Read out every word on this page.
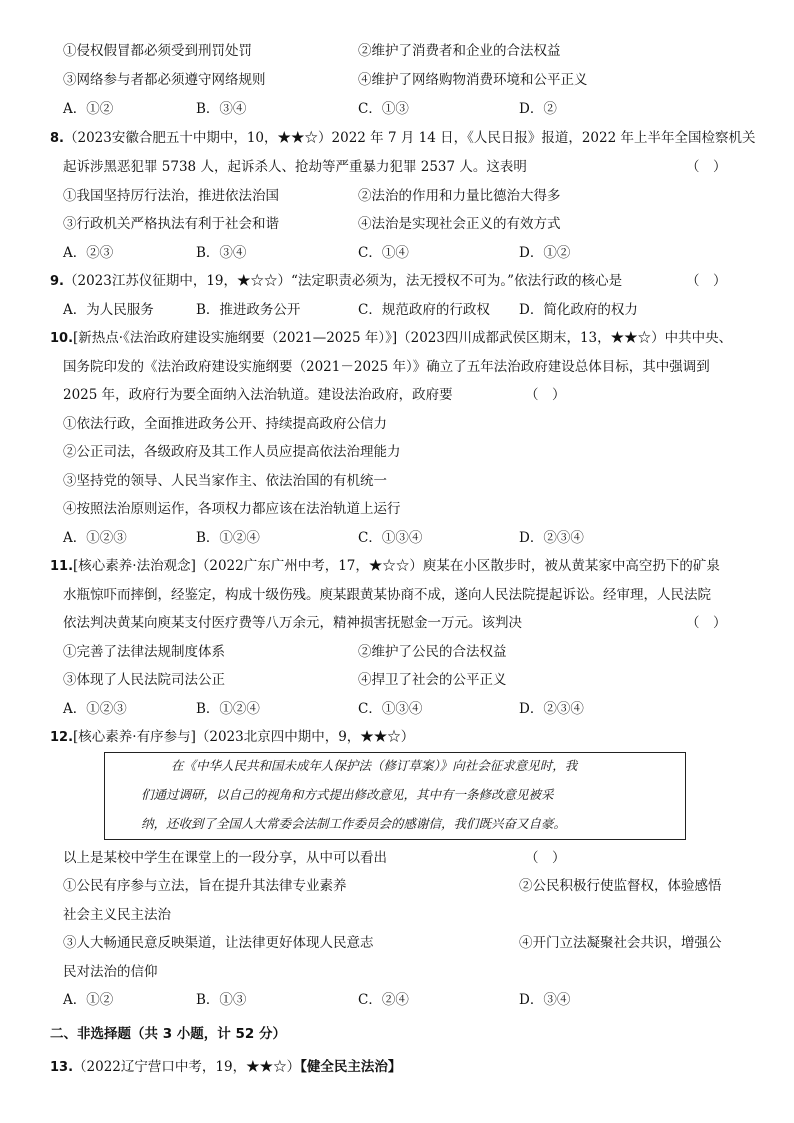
①侵权假冒都必须受到刑罚处罚	②维护了消费者和企业的合法权益
③网络参与者都必须遵守网络规则	④维护了网络购物消费环境和公平正义
A．①②	B．③④	C．①③	D．②
8.（2023安徽合肥五十中期中，10，★★☆）2022 年 7 月 14 日，《人民日报》报道，2022 年上半年全国检察机关
起诉涉黑恶犯罪 5738 人，起诉杀人、抢劫等严重暴力犯罪 2537 人。这表明	（　）
①我国坚持厉行法治，推进依法治国	②法治的作用和力量比德治大得多
③行政机关严格执法有利于社会和谐	④法治是实现社会正义的有效方式
A．②③	B．③④	C．①④	D．①②
9.（2023江苏仪征期中，19，★☆☆）“法定职责必须为，法无授权不可为。”依法行政的核心是	（　）
A．为人民服务	B．推进政务公开	C．规范政府的行政权 D．简化政府的权力
10.[新热点·《法治政府建设实施纲要（2021—2025 年）》]（2023四川成都武侯区期末，13，★★☆）中共中央、
国务院印发的《法治政府建设实施纲要（2021－2025 年）》确立了五年法治政府建设总体目标，其中强调到
2025 年，政府行为要全面纳入法治轨道。建设法治政府，政府要	（　）
①依法行政，全面推进政务公开、持续提高政府公信力
②公正司法，各级政府及其工作人员应提高依法治理能力
③坚持党的领导、人民当家作主、依法治国的有机统一
④按照法治原则运作，各项权力都应该在法治轨道上运行
A．①②③	B．①②④	C．①③④	D．②③④
11.[核心素养·法治观念]（2022广东广州中考，17，★☆☆）庾某在小区散步时，被从黄某家中高空扔下的矿泉
水瓶惊吓而摔倒，经鉴定，构成十级伤残。庾某跟黄某协商不成，遂向人民法院提起诉讼。经审理，人民法院
依法判决黄某向庾某支付医疗费等八万余元，精神损害抚慰金一万元。该判决	（　）
①完善了法律法规制度体系	②维护了公民的合法权益
③体现了人民法院司法公正	④捍卫了社会的公平正义
A．①②③	B．①②④	C．①③④	D．②③④
12.[核心素养·有序参与]（2023北京四中期中，9，★★☆）
在《中华人民共和国未成年人保护法（修订草案）》向社会征求意见时，我
们通过调研，以自己的视角和方式提出修改意见，其中有一条修改意见被采
纳，还收到了全国人大常委会法制工作委员会的感谢信，我们既兴奋又自豪。
以上是某校中学生在课堂上的一段分享，从中可以看出	（　）
①公民有序参与立法，旨在提升其法律专业素养	②公民积极行使监督权，体验感悟
社会主义民主法治
③人大畅通民意反映渠道，让法律更好体现人民意志	④开门立法凝聚社会共识，增强公
民对法治的信仰
A．①②	B．①③	C．②④	D．③④
二、非选择题（共 3 小题，计 52 分）
13.（2022辽宁营口中考，19，★★☆）【健全民主法治】
